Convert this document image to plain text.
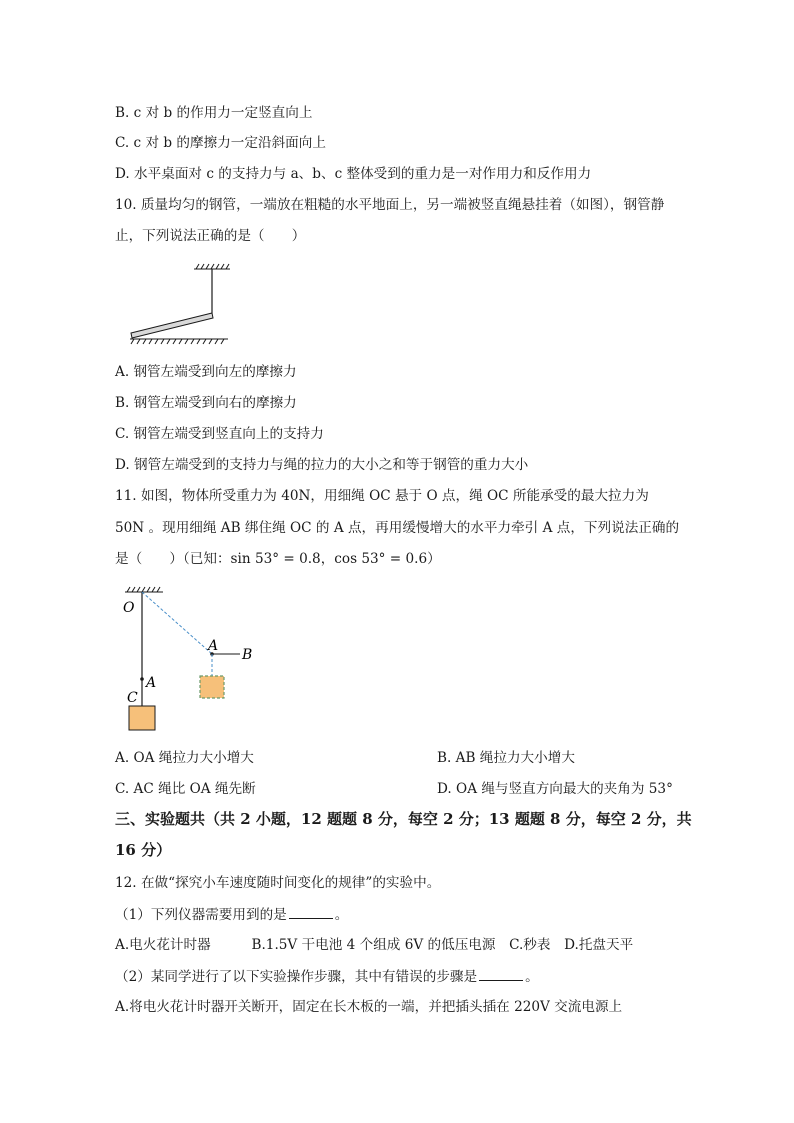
B. c 对 b 的作用力一定竖直向上
C. c 对 b 的摩擦力一定沿斜面向上
D. 水平桌面对 c 的支持力与 a、b、c 整体受到的重力是一对作用力和反作用力
10. 质量均匀的钢管，一端放在粗糙的水平地面上，另一端被竖直绳悬挂着（如图），钢管静
止，下列说法正确的是（　　）
A. 钢管左端受到向左的摩擦力
B. 钢管左端受到向右的摩擦力
C. 钢管左端受到竖直向上的支持力
D. 钢管左端受到的支持力与绳的拉力的大小之和等于钢管的重力大小
11. 如图，物体所受重力为 40N，用细绳 OC 悬于 O 点，绳 OC 所能承受的最大拉力为
50N 。现用细绳 AB 绑住绳 OC 的 A 点，再用缓慢增大的水平力牵引 A 点，下列说法正确的
是（　　）（已知：sin 53° = 0.8，cos 53° = 0.6）
O
A
C
A
B
A. OA 绳拉力大小增大	B. AB 绳拉力大小增大
C. AC 绳比 OA 绳先断	D. OA 绳与竖直方向最大的夹角为 53°
三、实验题共（共 2 小题，12 题题 8 分，每空 2 分；13 题题 8 分，每空 2 分，共
16 分）
12. 在做“探究小车速度随时间变化的规律”的实验中。
（1）下列仪器需要用到的是	。
A.电火花计时器　　　B.1.5V 干电池 4 个组成 6V 的低压电源　C.秒表　D.托盘天平
（2）某同学进行了以下实验操作步骤，其中有错误的步骤是	。
A.将电火花计时器开关断开，固定在长木板的一端，并把插头插在 220V 交流电源上
